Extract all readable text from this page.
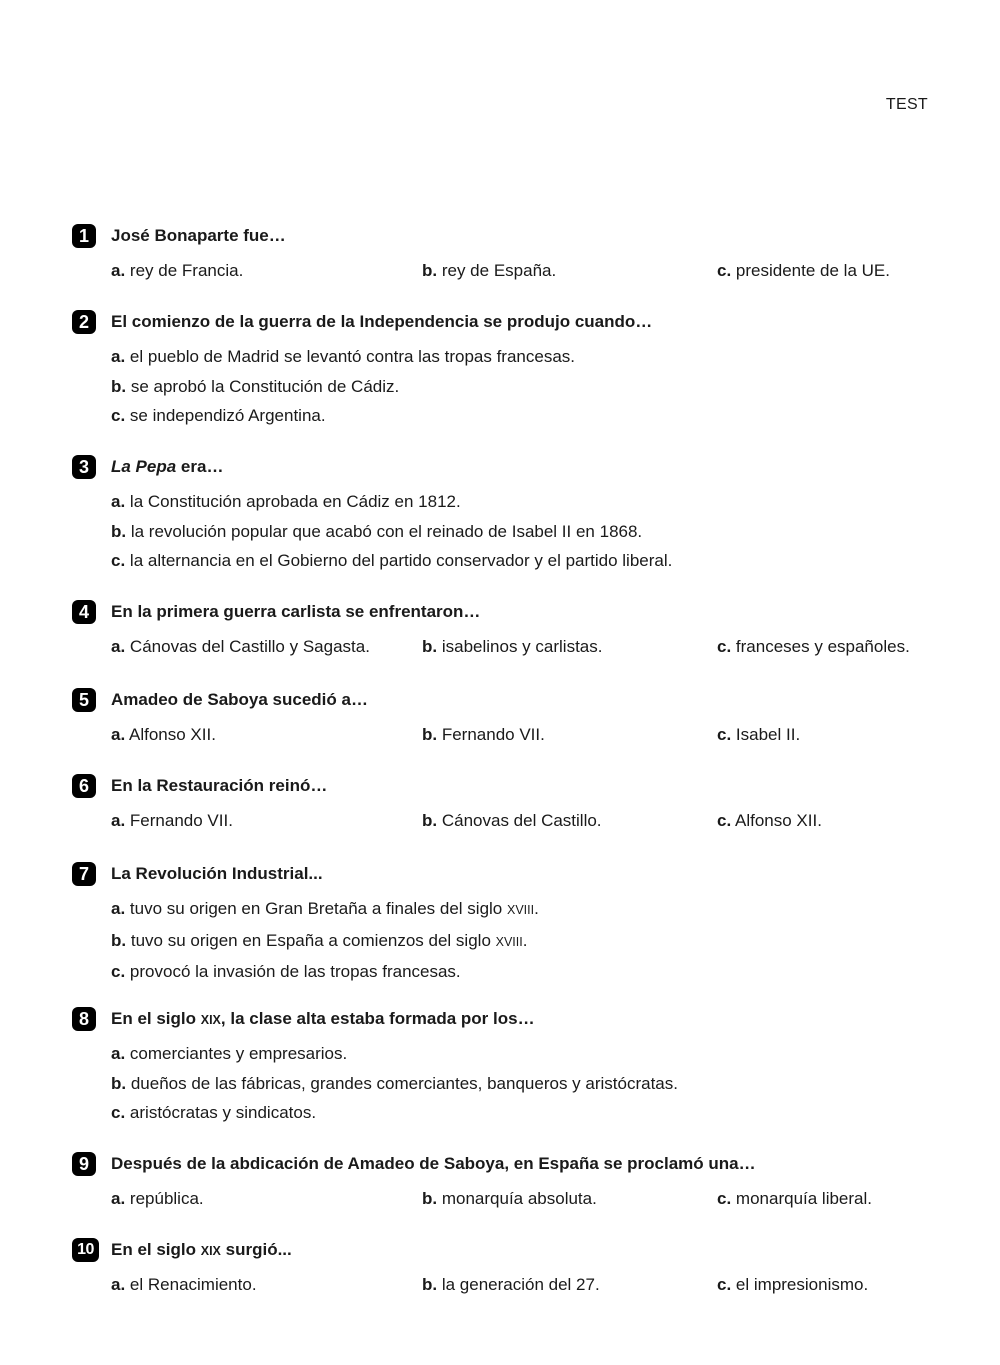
TEST
1	José Bonaparte fue…
a. rey de Francia.	b. rey de España.	c. presidente de la UE.
2	El comienzo de la guerra de la Independencia se produjo cuando…
a. el pueblo de Madrid se levantó contra las tropas francesas.
b. se aprobó la Constitución de Cádiz.
c. se independizó Argentina.
3	La Pepa era…
a. la Constitución aprobada en Cádiz en 1812.
b. la revolución popular que acabó con el reinado de Isabel II en 1868.
c. la alternancia en el Gobierno del partido conservador y el partido liberal.
4	En la primera guerra carlista se enfrentaron…
a. Cánovas del Castillo y Sagasta.	b. isabelinos y carlistas.	c. franceses y españoles.
5	Amadeo de Saboya sucedió a…
a. Alfonso XII.	b. Fernando VII.	c. Isabel II.
6	En la Restauración reinó…
a. Fernando VII.	b. Cánovas del Castillo.	c. Alfonso XII.
7	La Revolución Industrial...
a. tuvo su origen en Gran Bretaña a finales del siglo XVIII.
b. tuvo su origen en España a comienzos del siglo XVIII.
c. provocó la invasión de las tropas francesas.
8	En el siglo XIX, la clase alta estaba formada por los…
a. comerciantes y empresarios.
b. dueños de las fábricas, grandes comerciantes, banqueros y aristócratas.
c. aristócratas y sindicatos.
9	Después de la abdicación de Amadeo de Saboya, en España se proclamó una…
a. república.	b. monarquía absoluta.	c. monarquía liberal.
10	En el siglo XIX surgió...
a. el Renacimiento.	b. la generación del 27.	c. el impresionismo.
